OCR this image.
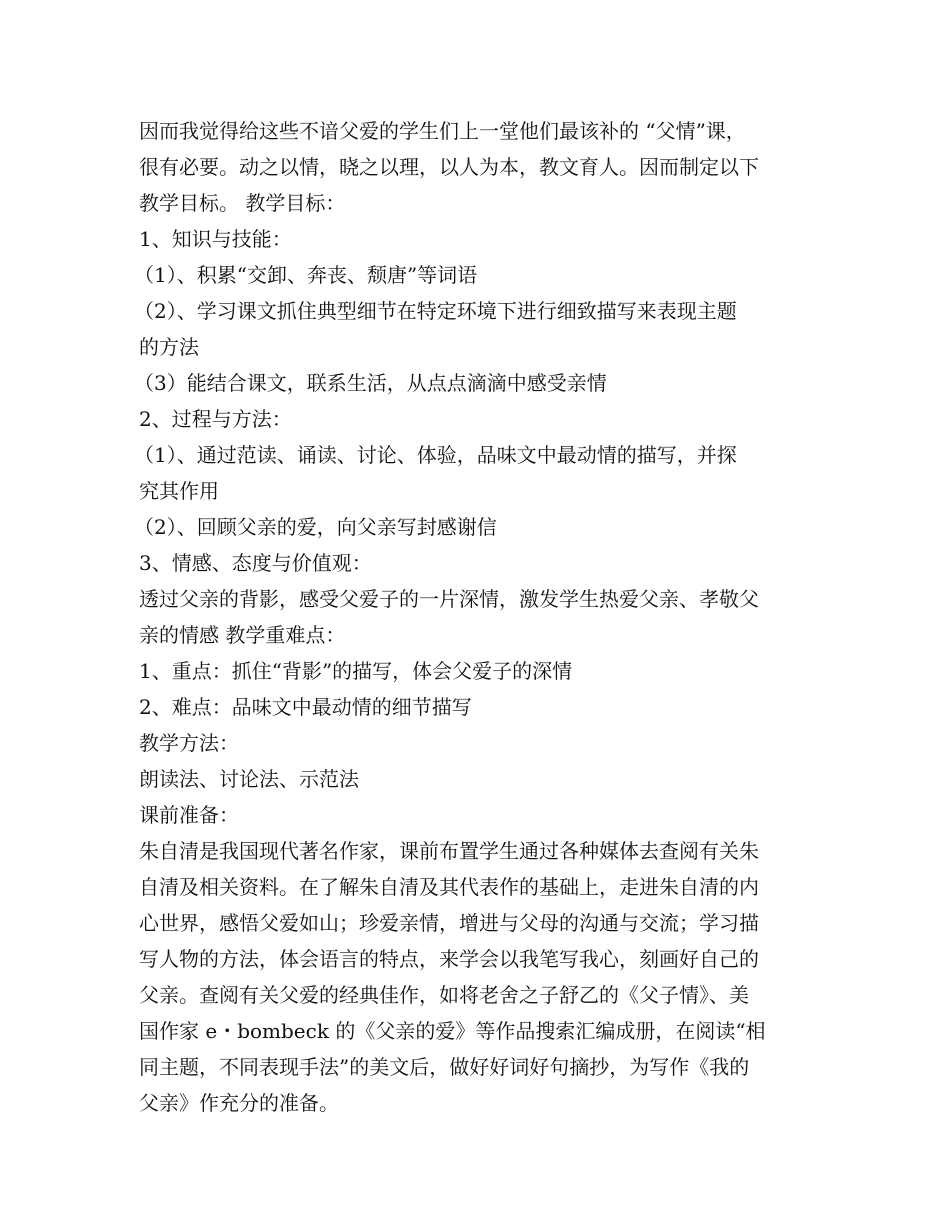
因而我觉得给这些不谙父爱的学生们上一堂他们最该补的 “父情”课，
很有必要。动之以情，晓之以理，以人为本，教文育人。因而制定以下
教学目标。 教学目标：
1、知识与技能：
（1）、积累“交卸、奔丧、颓唐”等词语
（2）、学习课文抓住典型细节在特定环境下进行细致描写来表现主题
的方法
（3）能结合课文，联系生活，从点点滴滴中感受亲情
2、过程与方法：
（1）、通过范读、诵读、讨论、体验，品味文中最动情的描写，并探
究其作用
（2）、回顾父亲的爱，向父亲写封感谢信
3、情感、态度与价值观：
透过父亲的背影，感受父爱子的一片深情，激发学生热爱父亲、孝敬父
亲的情感 教学重难点：
1、重点：抓住“背影”的描写，体会父爱子的深情
2、难点：品味文中最动情的细节描写
教学方法：
朗读法、讨论法、示范法
课前准备：
朱自清是我国现代著名作家，课前布置学生通过各种媒体去查阅有关朱
自清及相关资料。在了解朱自清及其代表作的基础上，走进朱自清的内
心世界，感悟父爱如山；珍爱亲情，增进与父母的沟通与交流；学习描
写人物的方法，体会语言的特点，来学会以我笔写我心，刻画好自己的
父亲。查阅有关父爱的经典佳作，如将老舍之子舒乙的《父子情》、美
国作家 e・bombeck 的《父亲的爱》等作品搜索汇编成册，在阅读“相
同主题，不同表现手法”的美文后，做好好词好句摘抄，为写作《我的
父亲》作充分的准备。
